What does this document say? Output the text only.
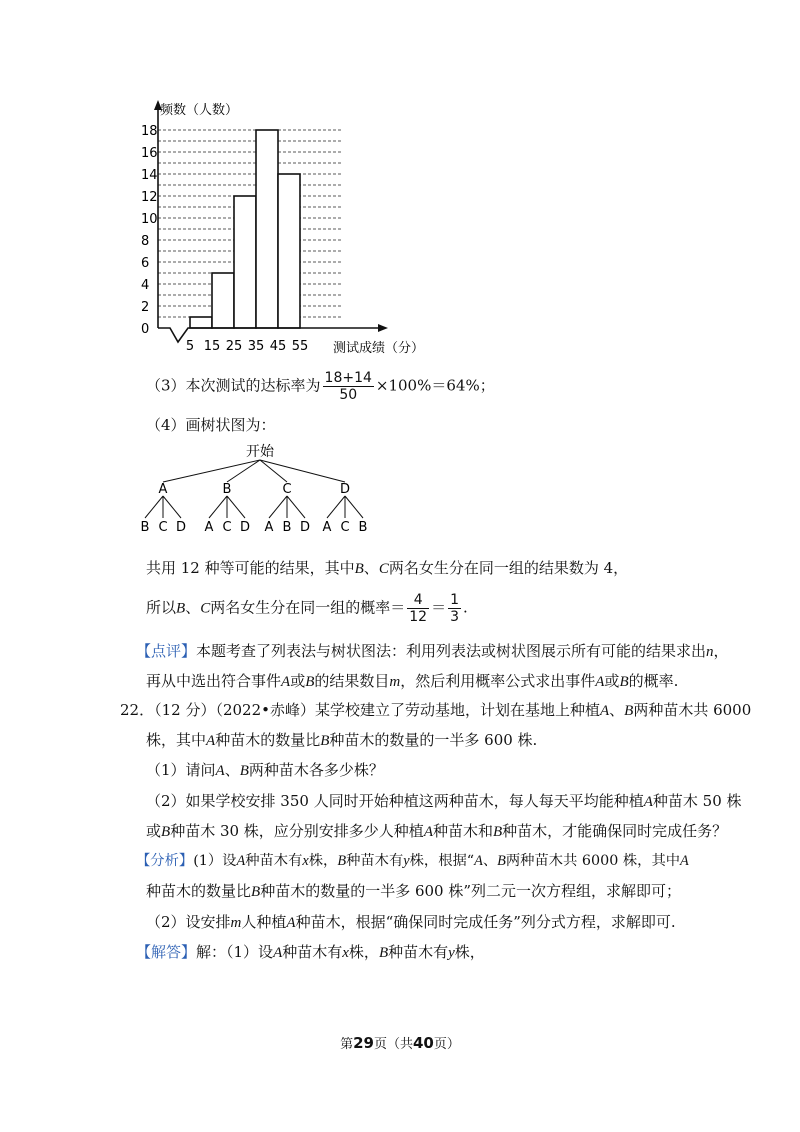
0
2
4
6
8
10
12
14
16
18
5 15 25 35 45 55
频数（人数）
测试成绩（分）
（3）本次测试的达标率为 $\frac{18+14}{50} \times 100\%=64\%$；
（4）画树状图为：
A
B C D
B
A C D
C
A B D
D
A C B
开始
共用 12 种等可能的结果，其中B、C两名女生分在同一组的结果数为 4，
所以B、C两名女生分在同一组的概率＝ $\frac{4}{12} = \frac{1}{3}$ .
【点评】本题考查了列表法与树状图法：利用列表法或树状图展示所有可能的结果求出n，
再从中选出符合事件A或B的结果数目m，然后利用概率公式求出事件A或B的概率.
22．（12 分）（2022•赤峰）某学校建立了劳动基地，计划在基地上种植A、B两种苗木共 6000
株，其中A种苗木的数量比B种苗木的数量的一半多 600 株.
（1）请问A、B两种苗木各多少株？
（2）如果学校安排 350 人同时开始种植这两种苗木，每人每天平均能种植A种苗木 50 株
或B种苗木 30 株，应分别安排多少人种植A种苗木和B种苗木，才能确保同时完成任务？
【分析】(1）设A种苗木有x株，B种苗木有y株，根据“A、B两种苗木共 6000 株，其中A
种苗木的数量比B种苗木的数量的一半多 600 株”列二元一次方程组，求解即可；
（2）设安排m人种植A种苗木，根据“确保同时完成任务”列分式方程，求解即可.
【解答】解：（1）设A种苗木有x株，B种苗木有y株，
第29页（共40页）
